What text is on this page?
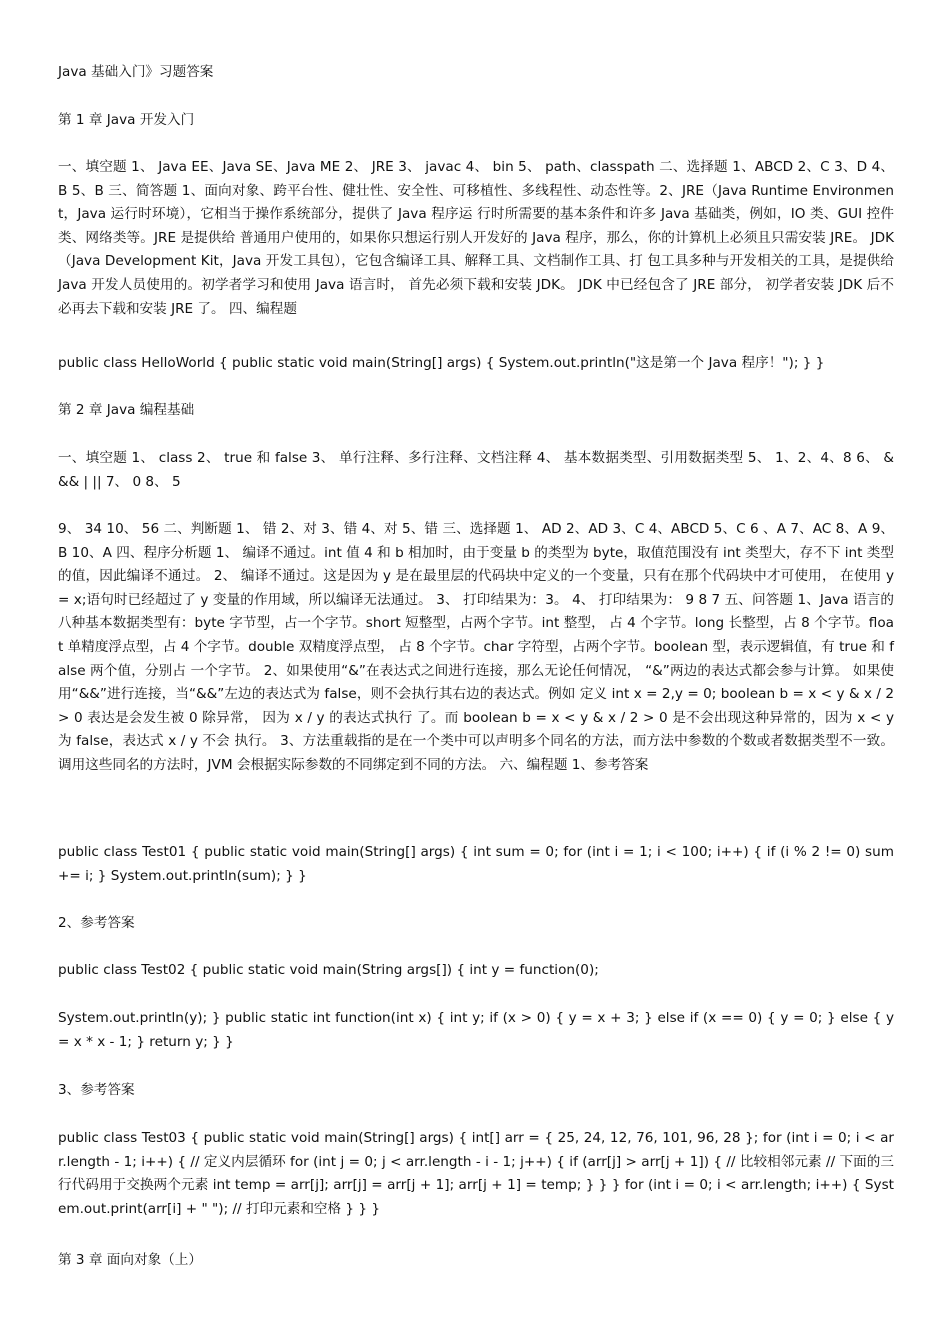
Java 基础入门》习题答案

第 1 章 Java 开发入门

一、填空题 1、 Java EE、Java SE、Java ME 2、 JRE 3、 javac 4、 bin 5、 path、classpath 二、选择题 1、ABCD 2、C 3、D 4、B 5、B 三、简答题 1、面向对象、跨平台性、健壮性、安全性、可移植性、多线程性、动态性等。2、JRE（Java Runtime Environment，Java 运行时环境），它相当于操作系统部分，提供了 Java 程序运 行时所需要的基本条件和许多 Java 基础类，例如，IO 类、GUI 控件类、网络类等。JRE 是提供给 普通用户使用的，如果你只想运行别人开发好的 Java 程序，那么，你的计算机上必须且只需安装 JRE。 JDK（Java Development Kit，Java 开发工具包），它包含编译工具、解释工具、文档制作工具、打 包工具多种与开发相关的工具，是提供给 Java 开发人员使用的。初学者学习和使用 Java 语言时， 首先必须下载和安装 JDK。 JDK 中已经包含了 JRE 部分， 初学者安装 JDK 后不必再去下载和安装 JRE 了。 四、编程题

public class HelloWorld { public static void main(String[] args) { System.out.println("这是第一个 Java 程序！"); } }

第 2 章 Java 编程基础

一、填空题 1、 class 2、 true 和 false 3、 单行注释、多行注释、文档注释 4、 基本数据类型、引用数据类型 5、 1、2、4、8 6、 & && | || 7、 0 8、 5

9、 34 10、 56 二、判断题 1、 错 2、对 3、错 4、对 5、错 三、选择题 1、 AD 2、AD 3、C 4、ABCD 5、C 6 、A 7、AC 8、A 9、B 10、A 四、程序分析题 1、 编译不通过。int 值 4 和 b 相加时，由于变量 b 的类型为 byte，取值范围没有 int 类型大，存不下 int 类型的值，因此编译不通过。 2、 编译不通过。这是因为 y 是在最里层的代码块中定义的一个变量，只有在那个代码块中才可使用， 在使用 y = x;语句时已经超过了 y 变量的作用域，所以编译无法通过。 3、 打印结果为：3。 4、 打印结果为： 9 8 7 五、问答题 1、Java 语言的八种基本数据类型有：byte 字节型，占一个字节。short 短整型，占两个字节。int 整型， 占 4 个字节。long 长整型，占 8 个字节。float 单精度浮点型，占 4 个字节。double 双精度浮点型， 占 8 个字节。char 字符型，占两个字节。boolean 型，表示逻辑值，有 true 和 false 两个值，分别占 一个字节。 2、如果使用“&”在表达式之间进行连接，那么无论任何情况， “&”两边的表达式都会参与计算。 如果使用“&&”进行连接，当“&&”左边的表达式为 false，则不会执行其右边的表达式。例如 定义 int x = 2,y = 0; boolean b = x < y & x / 2 > 0 表达是会发生被 0 除异常， 因为 x / y 的表达式执行 了。而 boolean b = x < y & x / 2 > 0 是不会出现这种异常的，因为 x < y 为 false，表达式 x / y 不会 执行。 3、方法重载指的是在一个类中可以声明多个同名的方法，而方法中参数的个数或者数据类型不一致。 调用这些同名的方法时，JVM 会根据实际参数的不同绑定到不同的方法。 六、编程题 1、参考答案

public class Test01 { public static void main(String[] args) { int sum = 0; for (int i = 1; i < 100; i++) { if (i % 2 != 0) sum += i; } System.out.println(sum); } }

2、参考答案

public class Test02 { public static void main(String args[]) { int y = function(0);

System.out.println(y); } public static int function(int x) { int y; if (x > 0) { y = x + 3; } else if (x == 0) { y = 0; } else { y = x * x - 1; } return y; } }

3、参考答案

public class Test03 { public static void main(String[] args) { int[] arr = { 25, 24, 12, 76, 101, 96, 28 }; for (int i = 0; i < arr.length - 1; i++) { // 定义内层循环 for (int j = 0; j < arr.length - i - 1; j++) { if (arr[j] > arr[j + 1]) { // 比较相邻元素 // 下面的三行代码用于交换两个元素 int temp = arr[j]; arr[j] = arr[j + 1]; arr[j + 1] = temp; } } } for (int i = 0; i < arr.length; i++) { System.out.print(arr[i] + " "); // 打印元素和空格 } } }

第 3 章 面向对象（上）
